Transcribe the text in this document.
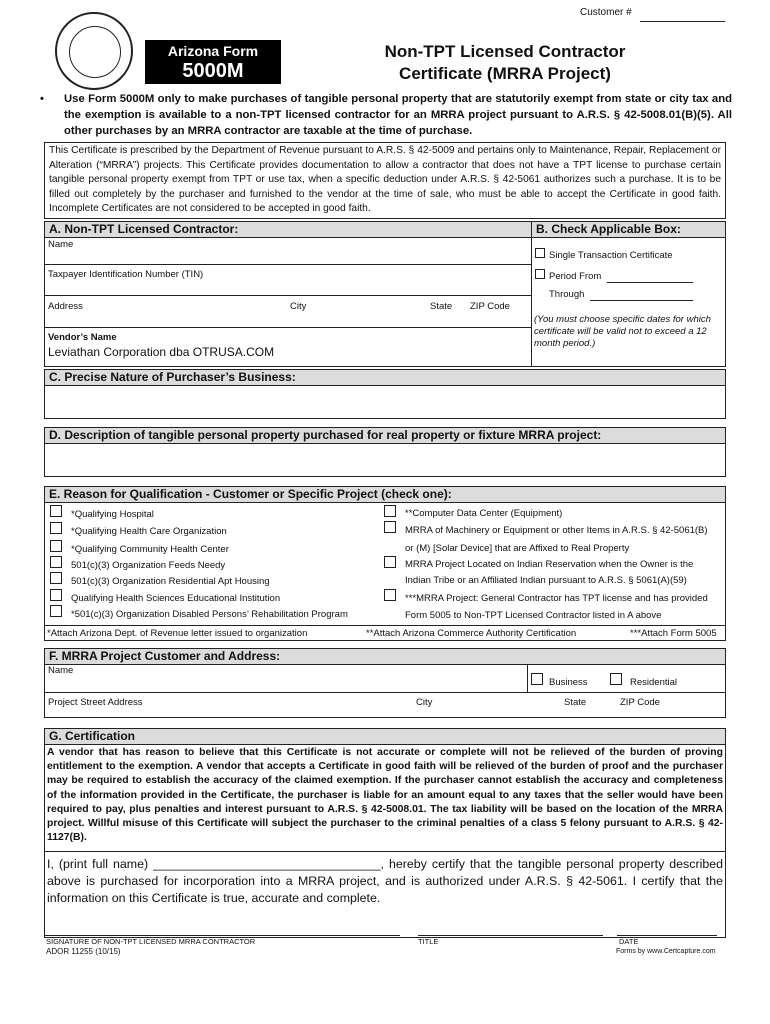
Customer #
Arizona Form
5000M
Non-TPT Licensed Contractor
Certificate (MRRA Project)
• Use Form 5000M only to make purchases of tangible personal property that are statutorily exempt from state or city tax and the exemption is available to a non-TPT licensed contractor for an MRRA project pursuant to A.R.S. § 42-5008.01(B)(5). All other purchases by an MRRA contractor are taxable at the time of purchase.
This Certificate is prescribed by the Department of Revenue pursuant to A.R.S. § 42-5009 and pertains only to Maintenance, Repair, Replacement or Alteration (“MRRA”) projects. This Certificate provides documentation to allow a contractor that does not have a TPT license to purchase certain tangible personal property exempt from TPT or use tax, when a specific deduction under A.R.S. § 42-5061 authorizes such a purchase. It is to be filled out completely by the purchaser and furnished to the vendor at the time of sale, who must be able to accept the Certificate in good faith. Incomplete Certificates are not considered to be accepted in good faith.
A. Non-TPT Licensed Contractor:	B. Check Applicable Box:
Name
Taxpayer Identification Number (TIN)
Address	City	State ZIP Code
Vendor’s Name
Leviathan Corporation dba OTRUSA.COM
Single Transaction Certificate
Period From
Through
(You must choose specific dates for which certificate will be valid not to exceed a 12 month period.)
C. Precise Nature of Purchaser’s Business:
D. Description of tangible personal property purchased for real property or fixture MRRA project:
E. Reason for Qualification - Customer or Specific Project (check one):
*Qualifying Hospital
*Qualifying Health Care Organization
*Qualifying Community Health Center
501(c)(3) Organization Feeds Needy
501(c)(3) Organization Residential Apt Housing
Qualifying Health Sciences Educational Institution
*501(c)(3) Organization Disabled Persons’ Rehabilitation Program
**Computer Data Center (Equipment)
MRRA of Machinery or Equipment or other Items in A.R.S. § 42-5061(B)
or (M) [Solar Device] that are Affixed to Real Property
MRRA Project Located on Indian Reservation when the Owner is the
Indian Tribe or an Affiliated Indian pursuant to A.R.S. § 5061(A)(59)
***MRRA Project: General Contractor has TPT license and has provided
Form 5005 to Non-TPT Licensed Contractor listed in A above
*Attach Arizona Dept. of Revenue letter issued to organization	**Attach Arizona Commerce Authority Certification	***Attach Form 5005
F. MRRA Project Customer and Address:
Name
Business	Residential
Project Street Address	City	State	ZIP Code
G. Certification
A vendor that has reason to believe that this Certificate is not accurate or complete will not be relieved of the burden of proving entitlement to the exemption. A vendor that accepts a Certificate in good faith will be relieved of the burden of proof and the purchaser may be required to establish the accuracy of the claimed exemption. If the purchaser cannot establish the accuracy and completeness of the information provided in the Certificate, the purchaser is liable for an amount equal to any taxes that the seller would have been required to pay, plus penalties and interest pursuant to A.R.S. § 42-5008.01. The tax liability will be based on the location of the MRRA project. Willful misuse of this Certificate will subject the purchaser to the criminal penalties of a class 5 felony pursuant to A.R.S. § 42-1127(B).
I, (print full name) _________________________________, hereby certify that the tangible personal property described above is purchased for incorporation into a MRRA project, and is authorized under A.R.S. § 42-5061. I certify that the information on this Certificate is true, accurate and complete.
SIGNATURE OF NON-TPT LICENSED MRRA CONTRACTOR	TITLE	DATE
ADOR 11255 (10/15)	Forms by www.Certcapture.com
